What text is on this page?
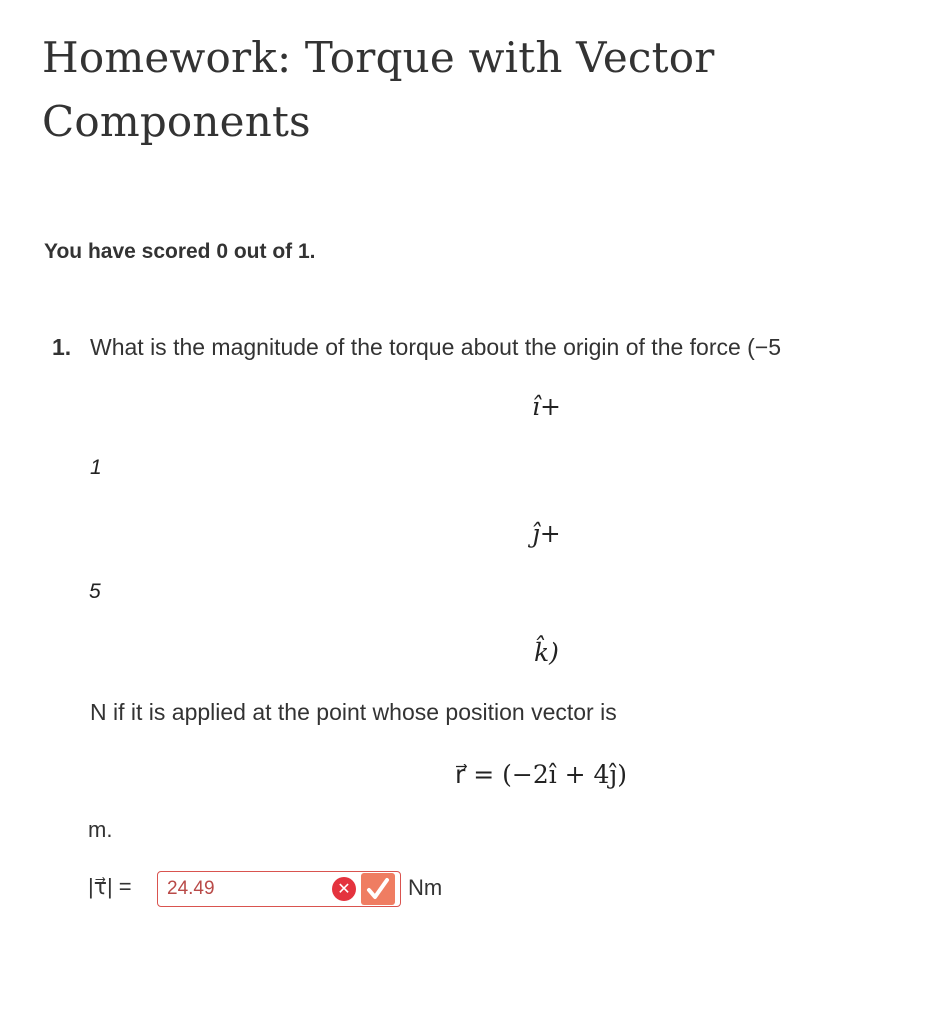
Homework: Torque with Vector Components
You have scored 0 out of 1.
1. What is the magnitude of the torque about the origin of the force (−5
î+
1
ĵ+
5
k̂)
N if it is applied at the point whose position vector is
r⃗ = (−2î + 4ĵ)
m.
|τ⃗| =
24.49	✕	Nm
